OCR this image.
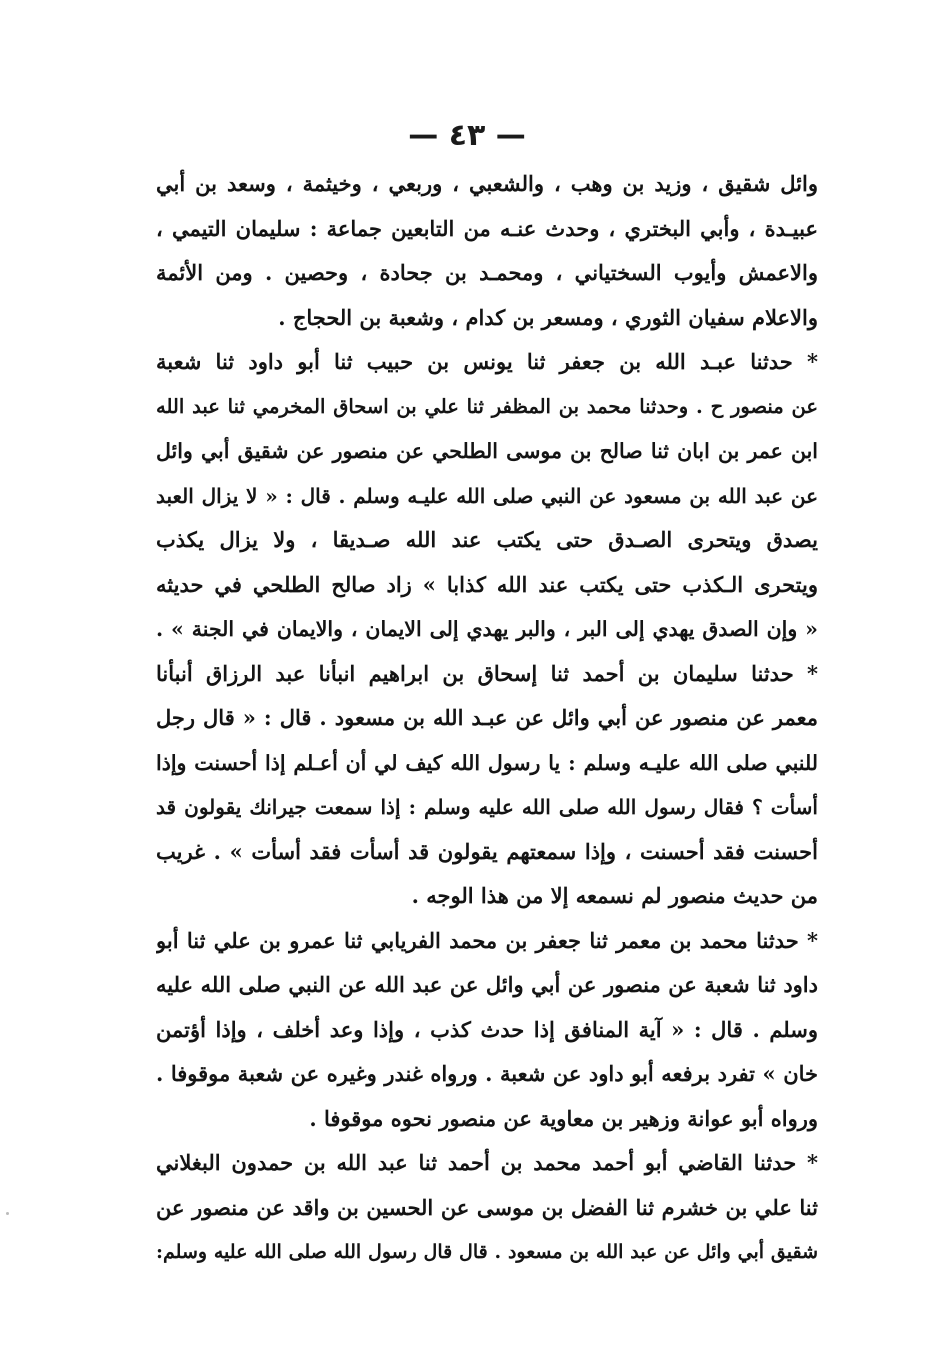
— ٤٣ —
وائل شقيق ، وزيد بن وهب ، والشعبي ، وربعي ، وخيثمة ، وسعد بن أبي
عبيـدة ، وأبي البختري ، وحدث عنـه من التابعين جماعة : سليمان التيمي ،
والاعمش وأيوب السختياني ، ومحمـد بن جحادة ، وحصين . ومن الأئمة
والاعلام سفيان الثوري ، ومسعر بن كدام ، وشعبة بن الحجاج .
* حدثنا عبـد الله بن جعفر ثنا يونس بن حبيب ثنا أبو داود ثنا شعبة
عن منصور ح . وحدثنا محمد بن المظفر ثنا علي بن اسحاق المخرمي ثنا عبد الله
ابن عمر بن ابان ثنا صالح بن موسى الطلحي عن منصور عن شقيق أبي وائل
عن عبد الله بن مسعود عن النبي صلى الله عليـه وسلم . قال : « لا يزال العبد
يصدق ويتحرى الصـدق حتى يكتب عند الله صـديقا ، ولا يزال يكذب
ويتحرى الـكذب حتى يكتب عند الله كذابا » زاد صالح الطلحي في حديثه
« وإن الصدق يهدي إلى البر ، والبر يهدي إلى الايمان ، والايمان في الجنة » .
* حدثنا سليمان بن أحمد ثنا إسحاق بن ابراهيم انبأنا عبد الرزاق أنبأنا
معمر عن منصور عن أبي وائل عن عبـد الله بن مسعود . قال : « قال رجل
للنبي صلى الله عليـه وسلم : يا رسول الله كيف لي أن أعـلم إذا أحسنت وإذا
أسأت ؟ فقال رسول الله صلى الله عليه وسلم : إذا سمعت جيرانك يقولون قد
أحسنت فقد أحسنت ، وإذا سمعتهم يقولون قد أسأت فقد أسأت » . غريب
من حديث منصور لم نسمعه إلا من هذا الوجه .
* حدثنا محمد بن معمر ثنا جعفر بن محمد الفريابي ثنا عمرو بن علي ثنا أبو
داود ثنا شعبة عن منصور عن أبي وائل عن عبد الله عن النبي صلى الله عليه
وسلم . قال : « آية المنافق إذا حدث كذب ، وإذا وعد أخلف ، وإذا أؤتمن
خان » تفرد برفعه أبو داود عن شعبة . ورواه غندر وغيره عن شعبة موقوفا .
ورواه أبو عوانة وزهير بن معاوية عن منصور نحوه موقوفا .
* حدثنا القاضي أبو أحمد محمد بن أحمد ثنا عبد الله بن حمدون البغلاني
ثنا علي بن خشرم ثنا الفضل بن موسى عن الحسين بن واقد عن منصور عن
شقيق أبي وائل عن عبد الله بن مسعود . قال قال رسول الله صلى الله عليه وسلم:
